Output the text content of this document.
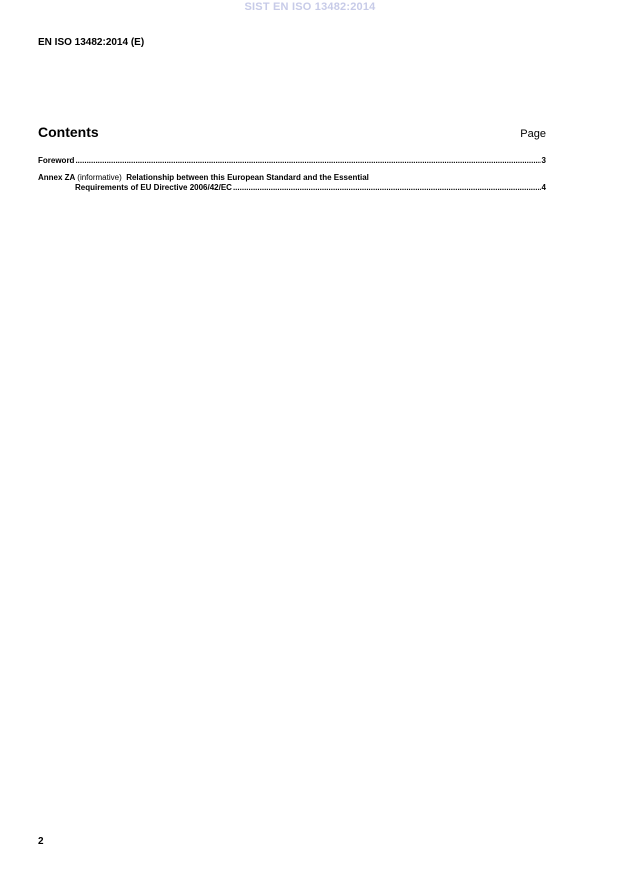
SIST EN ISO 13482:2014
EN ISO 13482:2014 (E)
Contents	Page
Foreword .....	3
Annex ZA (informative) Relationship between this European Standard and the Essential
Requirements of EU Directive 2006/42/EC .....	4
2
